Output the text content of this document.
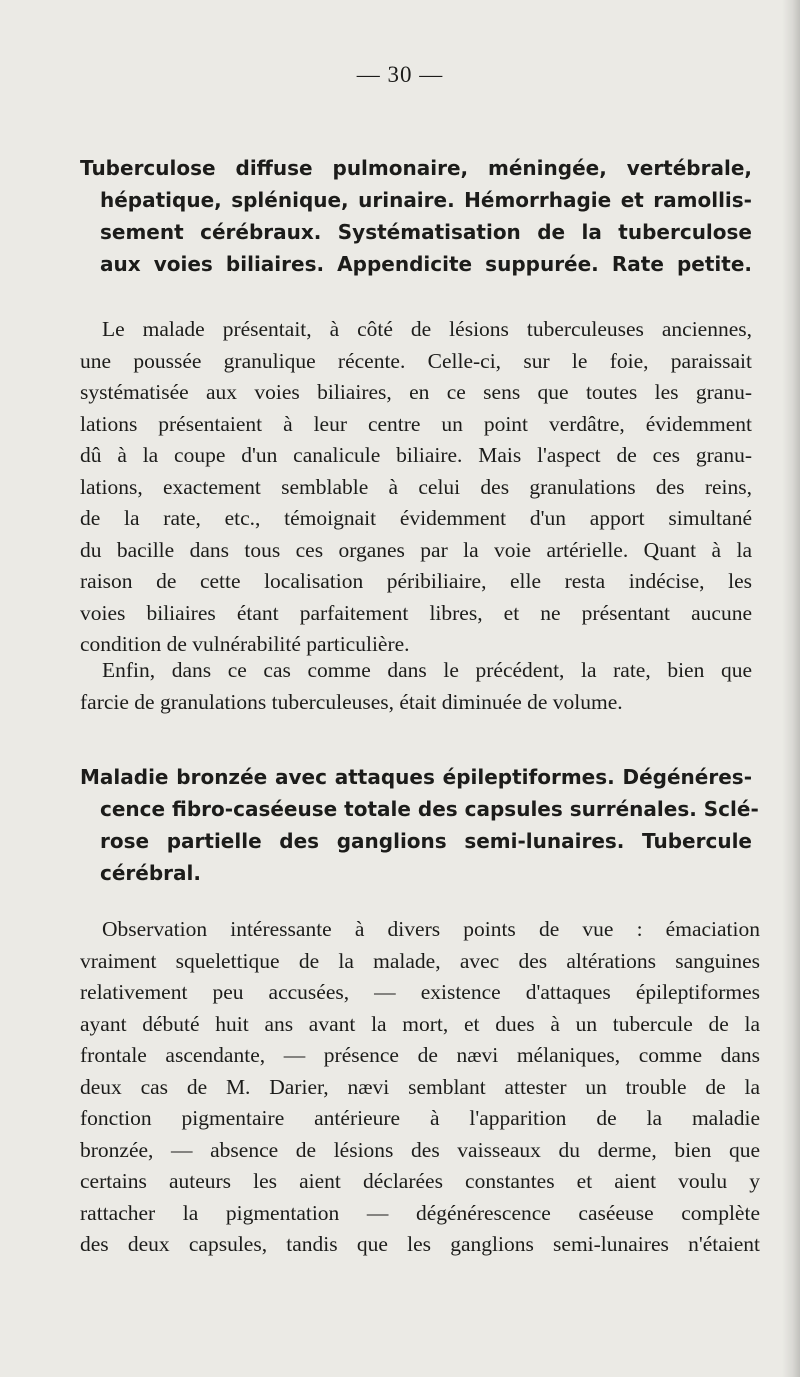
— 30 —
Tuberculose diffuse pulmonaire, méningée, vertébrale,
hépatique, splénique, urinaire. Hémorrhagie et ramollis-
sement cérébraux. Systématisation de la tuberculose
aux voies biliaires. Appendicite suppurée. Rate petite.
Le malade présentait, à côté de lésions tuberculeuses anciennes,
une poussée granulique récente. Celle-ci, sur le foie, paraissait
systématisée aux voies biliaires, en ce sens que toutes les granu-
lations présentaient à leur centre un point verdâtre, évidemment
dû à la coupe d'un canalicule biliaire. Mais l'aspect de ces granu-
lations, exactement semblable à celui des granulations des reins,
de la rate, etc., témoignait évidemment d'un apport simultané
du bacille dans tous ces organes par la voie artérielle. Quant à la
raison de cette localisation péribiliaire, elle resta indécise, les
voies biliaires étant parfaitement libres, et ne présentant aucune
condition de vulnérabilité particulière.
Enfin, dans ce cas comme dans le précédent, la rate, bien que
farcie de granulations tuberculeuses, était diminuée de volume.
Maladie bronzée avec attaques épileptiformes. Dégénéres-
cence fibro-caséeuse totale des capsules surrénales. Sclé-
rose partielle des ganglions semi-lunaires. Tubercule
cérébral.
Observation intéressante à divers points de vue : émaciation
vraiment squelettique de la malade, avec des altérations sanguines
relativement peu accusées, — existence d'attaques épileptiformes
ayant débuté huit ans avant la mort, et dues à un tubercule de la
frontale ascendante, — présence de nævi mélaniques, comme dans
deux cas de M. Darier, nævi semblant attester un trouble de la
fonction pigmentaire antérieure à l'apparition de la maladie
bronzée, — absence de lésions des vaisseaux du derme, bien que
certains auteurs les aient déclarées constantes et aient voulu y
rattacher la pigmentation — dégénérescence caséeuse complète
des deux capsules, tandis que les ganglions semi-lunaires n'étaient
